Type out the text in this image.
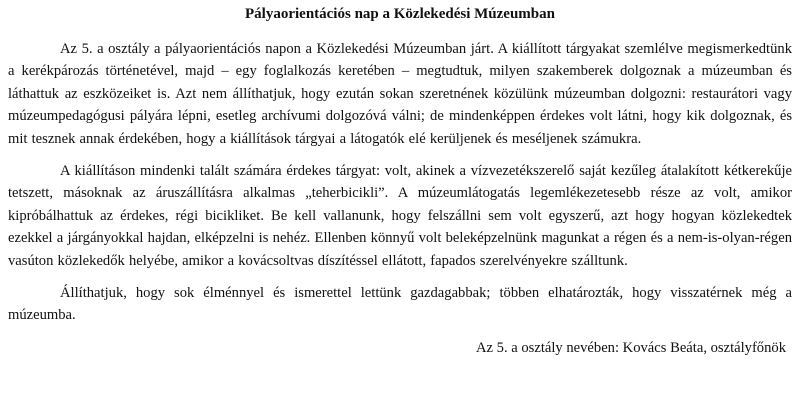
Pályaorientációs nap a Közlekedési Múzeumban

Az 5. a osztály a pályaorientációs napon a Közlekedési Múzeumban járt. A kiállított tárgyakat szemlélve megismerkedtünk a kerékpározás történetével, majd – egy foglalkozás keretében – megtudtuk, milyen szakemberek dolgoznak a múzeumban és láthattuk az eszközeiket is. Azt nem állíthatjuk, hogy ezután sokan szeretnének közülünk múzeumban dolgozni: restaurátori vagy múzeumpedagógusi pályára lépni, esetleg archívumi dolgozóvá válni; de mindenképpen érdekes volt látni, hogy kik dolgoznak, és mit tesznek annak érdekében, hogy a kiállítások tárgyai a látogatók elé kerüljenek és meséljenek számukra.

A kiállításon mindenki talált számára érdekes tárgyat: volt, akinek a vízvezetékszerelő saját kezűleg átalakított kétkerekűje tetszett, másoknak az áruszállításra alkalmas „teherbicikli”. A múzeumlátogatás legemlékezetesebb része az volt, amikor kipróbálhattuk az érdekes, régi bicikliket. Be kell vallanunk, hogy felszállni sem volt egyszerű, azt hogy hogyan közlekedtek ezekkel a járgányokkal hajdan, elképzelni is nehéz. Ellenben könnyű volt beleképzelnünk magunkat a régen és a nem-is-olyan-régen vasúton közlekedők helyébe, amikor a kovácsoltvas díszítéssel ellátott, fapados szerelvényekre szálltunk.

Állíthatjuk, hogy sok élménnyel és ismerettel lettünk gazdagabbak; többen elhatározták, hogy visszatérnek még a múzeumba.

Az 5. a osztály nevében: Kovács Beáta, osztályfőnök
